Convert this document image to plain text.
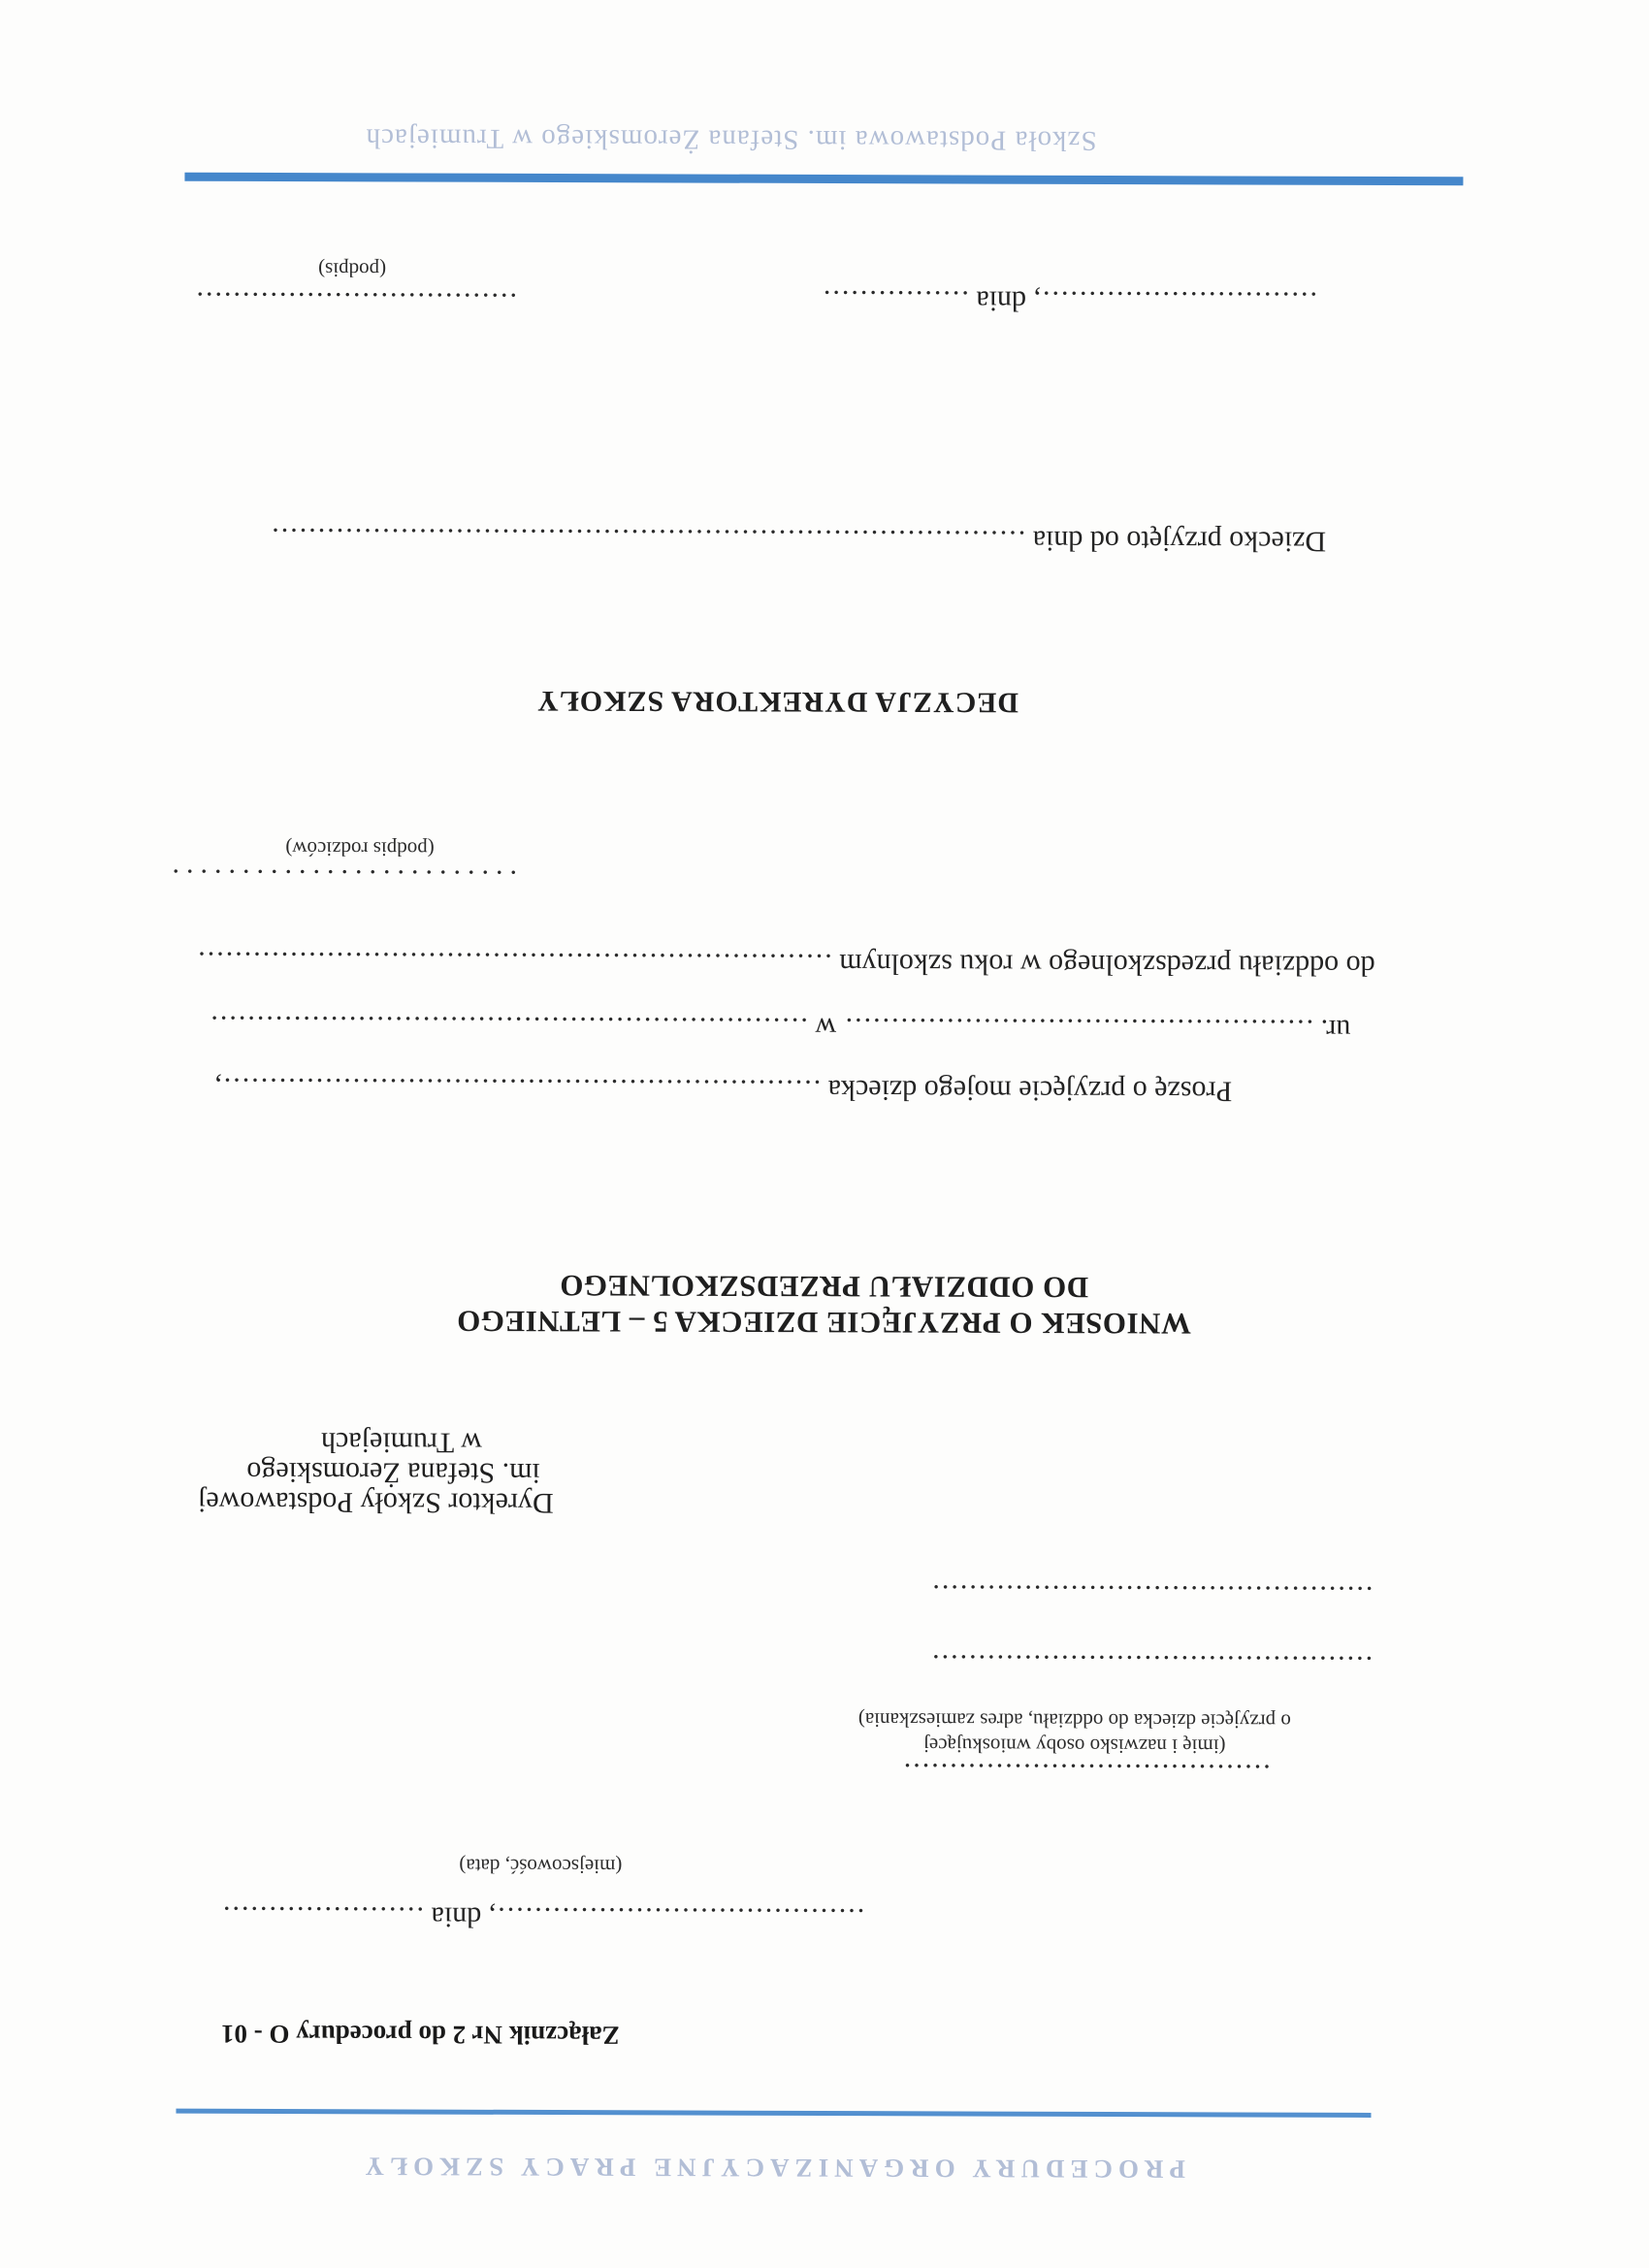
PROCEDURY ORGANIZACYJNE PRACY SZKOŁY
Załącznik Nr 2 do procedury O - 01
........................................, dnia ......................
(miejscowość, data)
........................................
(imię i nazwisko osoby wnioskującej
o przyjęcie dziecka do oddziału, adres zamieszkania)
................................................
................................................
Dyrektor Szkoły Podstawowej
im. Stefana Żeromskiego
w Trumiejach
WNIOSEK O PRZYJĘCIE DZIECKA 5 – LETNIEGO
DO ODDZIAŁU PRZEDSZKOLNEGO
Proszę o przyjęcie mojego dziecka .................................................................,
ur. ................................................... w .................................................................
do oddziału przedszkolnego w roku szkolnym .....................................................................
.........................
(podpis rodziców)
DECYZJA DYREKTORA SZKOŁY
Dziecko przyjęto od dnia ..................................................................................
.............................., dnia ................
...................................
(podpis)
Szkoła Podstawowa im. Stefana Żeromskiego w Trumiejach
